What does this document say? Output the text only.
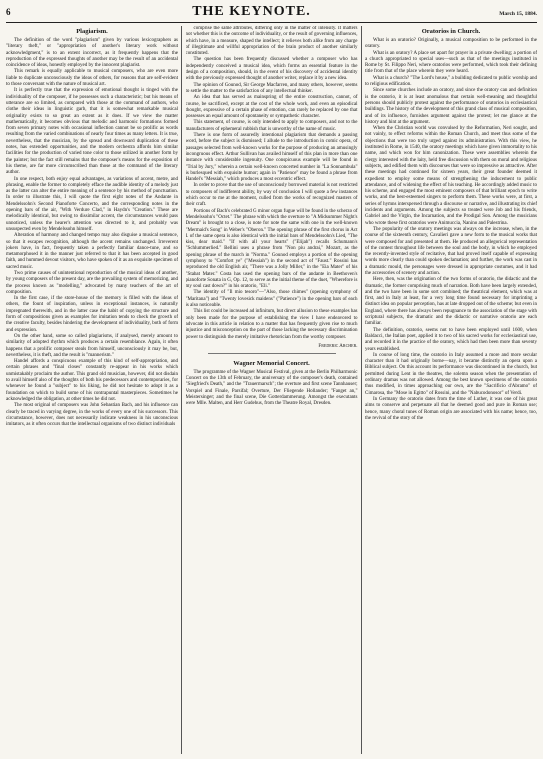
6	THE KEYNOTE.	March 15, 1884.
Plagiarism.

The definition of the word "plagiarism" given by various lexicographers as "literary theft," or "appropriation of another's literary work without acknowledgment," is to an extent incorrect, as it frequently happens that the reproduction of the expressed thoughts of another may be the result of an accidental coincidence of ideas, honestly employed by the innocent plagiarist.

This remark is equally applicable to musical composers, who are even more liable to duplicate unconsciously the ideas of others, for reasons that are self-evident to those conversant with the nature of musical art.

It is perfectly true that the expression of emotional thought is tinged with the individuality of the composer, if he possesses such a characteristic; but his means of utterance are so limited, as compared with those at the command of authors, who clothe their ideas in linguistic garb, that it is somewhat remarkable musical originality exists to so great an extent as it does. If we view the matter mathematically, it becomes obvious that melodic and harmonic formations formed from seven primary notes with occasional inflection cannot be so prolific as words resulting from the varied combinations of nearly four times as many letters. It is true, nevertheless, that the musician, by the spread and downward duplication of these notes, has extended opportunities, and the modern orchestra affords him similar facilities for the production of varied tone color to those utilized in another form by the painter; but the fact still remains that the composer's means for the exposition of his theme, are far more circumscribed than those at the command of the literary author.

In one respect, both enjoy equal advantages, as variations of accent, metre, and phrasing, enable the former to completely efface the audible identity of a melody just as the latter can alter the entire meaning of a sentence by his method of punctuation. In order to illustrate this, I will quote the first eight notes of the Andante in Mendelssohn's Second Pianoforte Concerto, and the corresponding notes in the opening bars of the air, "With Verdure Clad," in Haydn's "Creation." These are melodically identical, but owing to dissimilar accent, the circumstances would pass unnoticed, unless the hearer's attention was directed to it, and probably was unsuspected even by Mendelssohn himself.

Alteration of harmony and changed tempo may also disguise a musical sentence, so that it escapes recognition, although the accent remains unchanged. Irreverent jokers have, in fact, frequently taken a perfectly familiar dance-tune, and so metamorphosed it in the manner just referred to that it has been accepted in good faith, and hummed devout visitors, who have spoken of it as an exquisite specimen of sacred music.

Two prime causes of unintentional reproduction of the musical ideas of another, by young composers of the present day, are the prevailing system of memorizing, and the process known as "modelling," advocated by many teachers of the art of composition.

In the first case, if the store-house of the memory is filled with the ideas of others, the fount of inspiration, unless in exceptional instances, is naturally impregnated therewith, and in the latter case the habit of copying the structure and form of compositions given as examples for imitation tends to check the growth of the creative faculty, besides hindering the development of individuality, both of form and expression.

On the other hand, some so called plagiarisms, if analysed, merely amount to similarity of adopted rhythm which produces a certain resemblance. Again, it often happens that a prolific composer steals from himself, unconsciously it may be, but, nevertheless, it is theft, and the result is "mannerism."

Handel affords a conspicuous example of this kind of self-appropriation, and certain phrases and "final closes" constantly re-appear in his works which unmistakably proclaim the author. This grand old musician, however, did not disdain to avail himself also of the thoughts of both his predecessors and contemporaries, for whenever he found a "subject" to his liking, he did not hesitate to adopt it as a foundation on which to build some of his contrapuntal masterpieces. Sometimes he acknowledged the obligation, at other times he did not.

The most original of composers was John Sebastian Bach, and his influence can clearly be traced in varying degree, in the works of every one of his successors. This circumstance, however, does not necessarily indicate weakness in his unconscious imitators, as it often occurs that the intellectual organisms of two distinct individuals

comprise the same attributes, differing only in the matter of intensity. It matters not whether this is the outcome of individuality, or the result of governing influences, which have, in a measure, shaped the intellect; it relieves both alike from any charge of illegitimate and willful appropriation of the brain product of another similarly constituted.

The question has been frequently discussed whether a composer who has independently conceived a musical idea, which forms an essential feature in the design of a composition, should, in the event of his discovery of accidental identity with the previously expressed thought of another writer, replace it by a new idea.

The opinion of Gounod, Sir George Macfarren, and many others, however, seems to settle the matter to the satisfaction of any intellectual thinker.

An idea that has served as mainspring of the entire construction, cannot, of course, be sacrificed, except at the cost of the whole work, and even an episodical thought, expressive of a certain phase of emotion, can rarely be replaced by one that possesses an equal amount of spontaneity or sympathetic character.

This statement, of course, is only intended to apply to composers, and not to the manufacturers of ephemeral rubbish that is unworthy of the name of music.

There is one form of assuredly intentional plagiarism that demands a passing word, before the subject is dismissed; I allude to the introduction in comic opera, of passages selected from well-known works for the purpose of producing an amusingly incongruous effect. Arthur Sullivan has availed himself of this plan in more than one instance with considerable ingenuity. One conspicuous example will be found in "Trial by Jury," wherein a certain well-known concerted number in "La Sonnambula" is burlesqued with exquisite humor; again in "Patience" may be found a phrase from Handel's "Messiah," which produces a most eccentric effect.

In order to prove that the use of unconsciously borrowed material is not restricted to composers of indifferent ability, by way of conclusion I will quote a few instances which occur to me at the moment, culled from the works of recognized masters of their craft.

Portions of Bach's celebrated G minor organ fugue will be found in the scherzo of Mendelssohn's "Octet." The phrase with which the overture to "A Midsummer Night's Dream" is brought to a close, is note for note the same with one in the well-known "Mermaid's Song" in Weber's "Oberon." The opening phrase of the first chorus in Act I. of the same opera is also identical with the initial bars of Mendelssohn's Lied, "The kiss, dear maid." "If with all your hearts" ("Elijah") recalls Schumann's "Schlummerlied." Bellini uses a phrase from "Non piu andrai," Mozart, as the opening phrase of the march in "Norma." Gounod employs a portion of the opening symphony to "Comfort ye" ("Messiah") in the second act of "Faust." Rossini has reproduced the old English air, "There was a Jolly Miller," in the "Eia Mater" of his "Stabat Mater." Costa has used the opening bars of the andante in Beethoven's pianoforte Sonata in G, Op. 12, to serve as the initial theme of the duet, "Wherefore is my soul cast down?" in his oratorio, "Eli."

The identity of "Il mio tesoro"—"Also, those chimes" (opening symphony of "Maritana") and "Twenty lovesick maidens" ("Patience") in the opening bars of each is also noticeable.

This list could be increased ad infinitum, but direct allusion to these examples has only been made for the purpose of establishing the view I have endeavored to advocate in this article in relation to a matter that has frequently given rise to much injustice and misconception on the part of those lacking the necessary discrimination power to distinguish the merely imitative rhetorician from the worthy composer.

Frederic Archer.
Wagner Memorial Concert.

The programme of the Wagner Musical Festival, given at the Berlin Philharmonic Concert on the 13th of February, the anniversary of the composer's death, contained "Siegfried's Death," and the "Trauermarsch"; the overture and first scene Tannhauser; Vorspiel and Finale, Parsifal; Overture, Der Fliegende Hollander; "Fanget an," Meistersinger; and the final scene, Die Gotterdammerung. Amongst the executants were Mlle. Malten, and Herr Gudehus, from the Theatre Royal, Dresden.

Oratorios in Church.

What is an oratorio? Originally, a musical composition to be performed in the oratory.

What is an oratory? A place set apart for prayer in a private dwelling; a portion of a church appropriated to special uses—such as that of the meetings instituted in Rome by St. Filippo Neri, where oratorios were performed, which took their defining title from that of the place wherein they were heard.

What is a church? "The Lord's house," a building dedicated to public worship and to religious edification.

Since some churches include an oratory, and since the oratory can and definition is the oratorio, it is at least anomalous that certain well-meaning and thoughtful persons should publicly protest against the performance of oratorios in ecclesiastical buildings. The history of the development of this grand class of musical composition, and of its influence, furnishes argument against the protest; let me glance at the history and hint at the argument.

When the Christian world was convulsed by the Reformation, Neri sought, and not vainly, to effect reforms within the Roman Church, and meet thus some of the objections that were too truly urged against its administration. With this view, he instituted in Rome, in 1540, the oratory meetings which have given immortality to his name, and which won for him canonization. These were assemblies wherein the clergy interested with the laity, held free discussion with them on moral and religious subjects, and edified them with discourses that were so impressive as attractive. After these meetings had continued for sixteen years, their great founder deemed it expedient to employ some means of strengthening the inducement to public attendance, and of widening the effect of his teaching. He accordingly added music to his scheme, and engaged the most eminent composers of that brilliant epoch to write works, and the best-esteemed singers to perform them. These works were, at first, a series of hymns interspersed through a discourse or narrative, and illustrating its chief incidents and arguments. Among the subjects so treated were Job and his friends, Gabriel and the Virgin, the Incarnation, and the Prodigal Son. Among the musicians who wrote these first oratorios were Animuccia, Nanino and Palestrina.

The popularity of the oratory meetings was always on the increase, when, in the course of the sixteenth century, Cavalieri gave a new form to the musical works that were composed for and presented at them. He produced an allegorical representation of the contest throughout life between the soul and the body, in which he employed the recently-invented style of recitative, that had proved itself capable of expressing words more clearly than could spoken declamation; and further, the work was cast in a dramatic mould, the personages were dressed in appropriate costumes, and it had the accessories of scenery and action.

Here, then, was the origination of the two forms of oratorio, the didactic and the dramatic, the former comprising much of narration. Both have been largely extended, and the two have been in some sort combined; the theatrical element, which was at first, and in Italy at least, for a very long time found necessary for imprinting a distinct idea on popular perception, has at late dropped out of the scheme; but even in England, where there has always been repugnance to the association of the stage with scriptural subjects, the dramatic and the didactic or narrative oratorio are each familiar.

The definition, oratorio, seems not to have been employed until 1600, when Baldacci, the Italian poet, applied it to two of his sacred works for ecclesiastical use, and recorded it in the practice of the oratory, which had then been more than seventy years established.

In course of long time, the oratorio in Italy assumed a more and more secular character than it had originally borne—nay, it became distinctly an opera upon a Biblical subject. On this account its performance was discontinued in the church, but permitted during Lent in the theatres, the solemn season when the presentation of ordinary dramas was not allowed. Among the best known specimens of the oratorio thus modified, in times approaching our own, are the "Sacrificio d'Abramo" of Cimarosa, the "Mose in Egitto" of Rossini, and the "Nabucodonosor" of Verdi.

In Germany the oratorio dates from the time of Luther, it was one of his great aims to conserve and perpetuate all that he deemed good and pure in Roman use; hence, many choral tunes of Roman origin are associated with his name; hence, too, the revival of the story of the
